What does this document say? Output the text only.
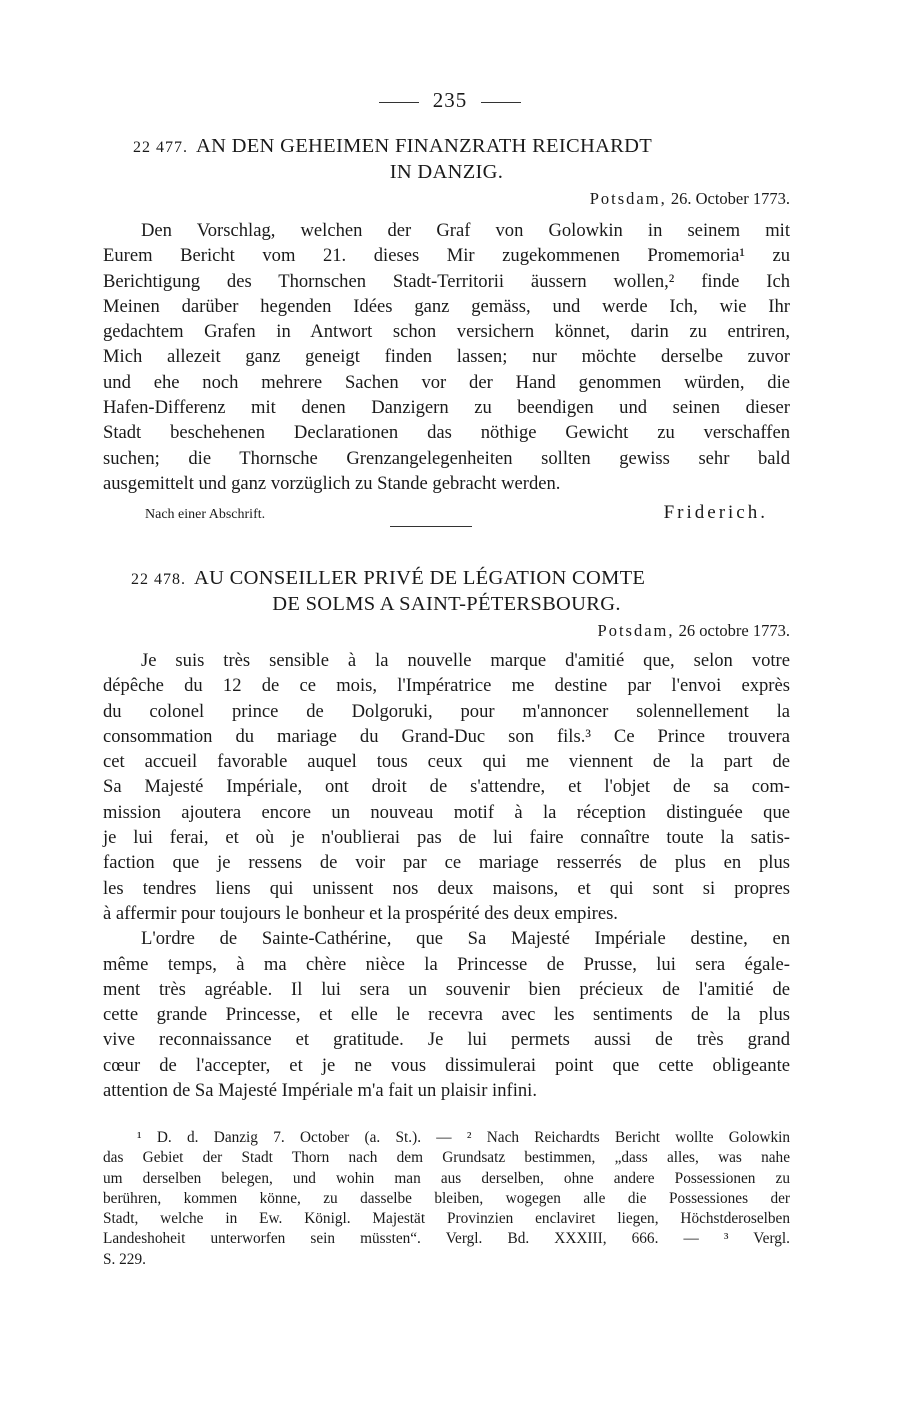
235
22 477. AN DEN GEHEIMEN FINANZRATH REICHARDT
IN DANZIG.
Potsdam, 26. October 1773.
Den Vorschlag, welchen der Graf von Golowkin in seinem mit
Eurem Bericht vom 21. dieses Mir zugekommenen Promemoria¹ zu
Berichtigung des Thornschen Stadt-Territorii äussern wollen,² finde Ich
Meinen darüber hegenden Idées ganz gemäss, und werde Ich, wie Ihr
gedachtem Grafen in Antwort schon versichern könnet, darin zu entriren,
Mich allezeit ganz geneigt finden lassen; nur möchte derselbe zuvor
und ehe noch mehrere Sachen vor der Hand genommen würden, die
Hafen-Differenz mit denen Danzigern zu beendigen und seinen dieser
Stadt beschehenen Declarationen das nöthige Gewicht zu verschaffen
suchen; die Thornsche Grenzangelegenheiten sollten gewiss sehr bald
ausgemittelt und ganz vorzüglich zu Stande gebracht werden.
Nach einer Abschrift.	Friderich.
22 478. AU CONSEILLER PRIVÉ DE LÉGATION COMTE
DE SOLMS A SAINT-PÉTERSBOURG.
Potsdam, 26 octobre 1773.
Je suis très sensible à la nouvelle marque d'amitié que, selon votre
dépêche du 12 de ce mois, l'Impératrice me destine par l'envoi exprès
du colonel prince de Dolgoruki, pour m'annoncer solennellement la
consommation du mariage du Grand-Duc son fils.³ Ce Prince trouvera
cet accueil favorable auquel tous ceux qui me viennent de la part de
Sa Majesté Impériale, ont droit de s'attendre, et l'objet de sa com-
mission ajoutera encore un nouveau motif à la réception distinguée que
je lui ferai, et où je n'oublierai pas de lui faire connaître toute la satis-
faction que je ressens de voir par ce mariage resserrés de plus en plus
les tendres liens qui unissent nos deux maisons, et qui sont si propres
à affermir pour toujours le bonheur et la prospérité des deux empires.
L'ordre de Sainte-Cathérine, que Sa Majesté Impériale destine, en
même temps, à ma chère nièce la Princesse de Prusse, lui sera égale-
ment très agréable. Il lui sera un souvenir bien précieux de l'amitié de
cette grande Princesse, et elle le recevra avec les sentiments de la plus
vive reconnaissance et gratitude. Je lui permets aussi de très grand
cœur de l'accepter, et je ne vous dissimulerai point que cette obligeante
attention de Sa Majesté Impériale m'a fait un plaisir infini.
¹ D. d. Danzig 7. October (a. St.). — ² Nach Reichardts Bericht wollte Golowkin
das Gebiet der Stadt Thorn nach dem Grundsatz bestimmen, „dass alles, was nahe
um derselben belegen, und wohin man aus derselben, ohne andere Possessionen zu
berühren, kommen könne, zu dasselbe bleiben, wogegen alle die Possessiones der
Stadt, welche in Ew. Königl. Majestät Provinzien enclaviret liegen, Höchstderoselben
Landeshoheit unterworfen sein müssten“. Vergl. Bd. XXXIII, 666. — ³ Vergl.
S. 229.
